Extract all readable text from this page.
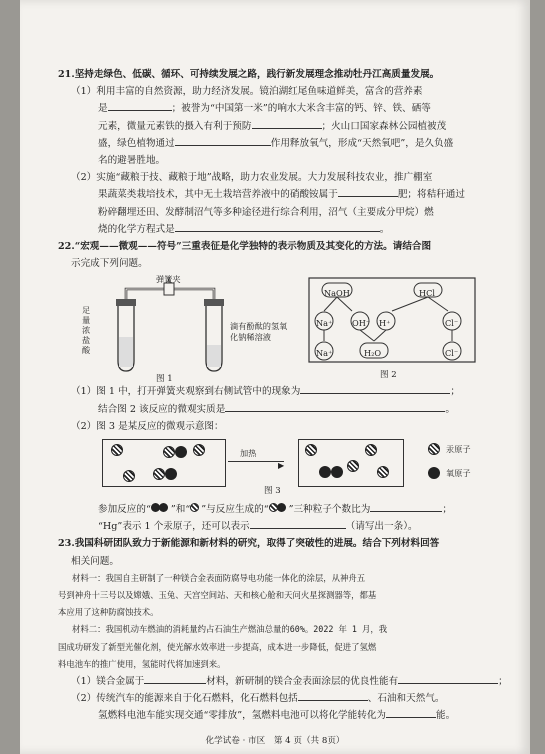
21.坚持走绿色、低碳、循环、可持续发展之路，践行新发展理念推动牡丹江高质量发展。
（1）利用丰富的自然资源，助力经济发展。镜泊湖红尾鱼味道鲜美，富含的营养素
是	；被誉为“中国第一米”的响水大米含丰富的钙、锌、铁、硒等
元素，微量元素铁的摄入有利于预防	；火山口国家森林公园植被茂
盛，绿色植物通过	作用释放氧气，形成“天然氧吧”，是久负盛
名的避暑胜地。
（2）实施“藏粮于技、藏粮于地”战略，助力农业发展。大力发展科技农业，推广棚室
果蔬菜类栽培技术，其中无土栽培营养液中的硝酸铵属于	肥；将秸秆通过
粉碎翻埋还田、发酵制沼气等多种途径进行综合利用，沼气（主要成分甲烷）燃
烧的化学方程式是	。
22.“宏观——微观——符号”三重表征是化学独特的表示物质及其变化的方法。请结合图
示完成下列问题。
弹簧夹
足量浓盐酸
滴有酚酞的氢氧化钠稀溶液
图 1
NaOH	HCl
Na⁺ OH⁻ H⁺	Cl⁻
Na⁺	H₂O	Cl⁻
图 2
（1）图 1 中，打开弹簧夹观察到右侧试管中的现象为	；
结合图 2 该反应的微观实质是	。
（2）图 3 是某反应的微观示意图：
▶
加热	汞原子
氧原子
图 3
参加反应的“ ”和“ ”与反应生成的“ ”三种粒子个数比为	；
“Hg”表示 1 个汞原子，还可以表示	（请写出一条）。
23.我国科研团队致力于新能源和新材料的研究，取得了突破性的进展。结合下列材料回答
相关问题。
材料一：我国自主研制了一种镁合金表面防腐导电功能一体化的涂层，从神舟五
号到神舟十三号以及嫦娥、玉兔、天宫空间站、天和核心舱和天问火星探测器等，都基
本应用了这种防腐蚀技术。
材料二：我国机动车燃油的消耗量约占石油生产燃油总量的60%。2022 年 1 月，我
国成功研发了新型光催化剂，使光解水效率进一步提高，成本进一步降低，促进了氢燃
料电池车的推广使用，氢能时代将加速到来。
（1）镁合金属于	材料，新研制的镁合金表面涂层的优良性能有	；
（2）传统汽车的能源来自于化石燃料，化石燃料包括	、石油和天然气。
氢燃料电池车能实现交通“零排放”，氢燃料电池可以将化学能转化为	能。
化学试卷 · 市区　第 4 页（共 8页）
